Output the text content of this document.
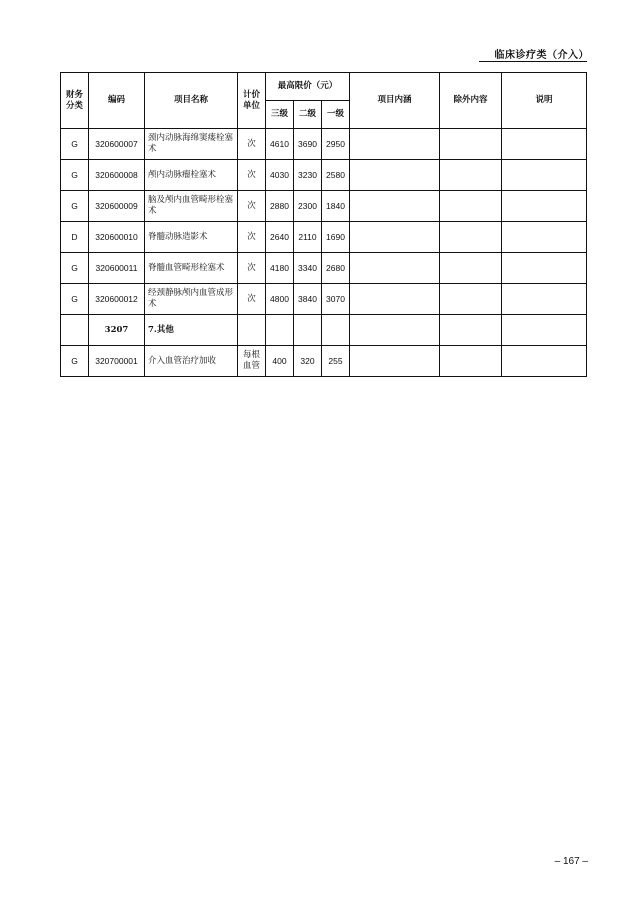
临床诊疗类（介入）
财务分类	编码	项目名称	计价单位	最高限价（元）			项目内涵	除外内容	说明
				三级	二级	一级			
G	320600007	颈内动脉海绵窦瘘栓塞术	次	4610	3690	2950			
G	320600008	颅内动脉瘤栓塞术	次	4030	3230	2580			
G	320600009	脑及颅内血管畸形栓塞术	次	2880	2300	1840			
D	320600010	脊髓动脉造影术	次	2640	2110	1690			
G	320600011	脊髓血管畸形栓塞术	次	4180	3340	2680			
G	320600012	经颈静脉颅内血管成形术	次	4800	3840	3070			
	3207	7.其他							
G	320700001	介入血管治疗加收	每根血管	400	320	255			
– 167 –
